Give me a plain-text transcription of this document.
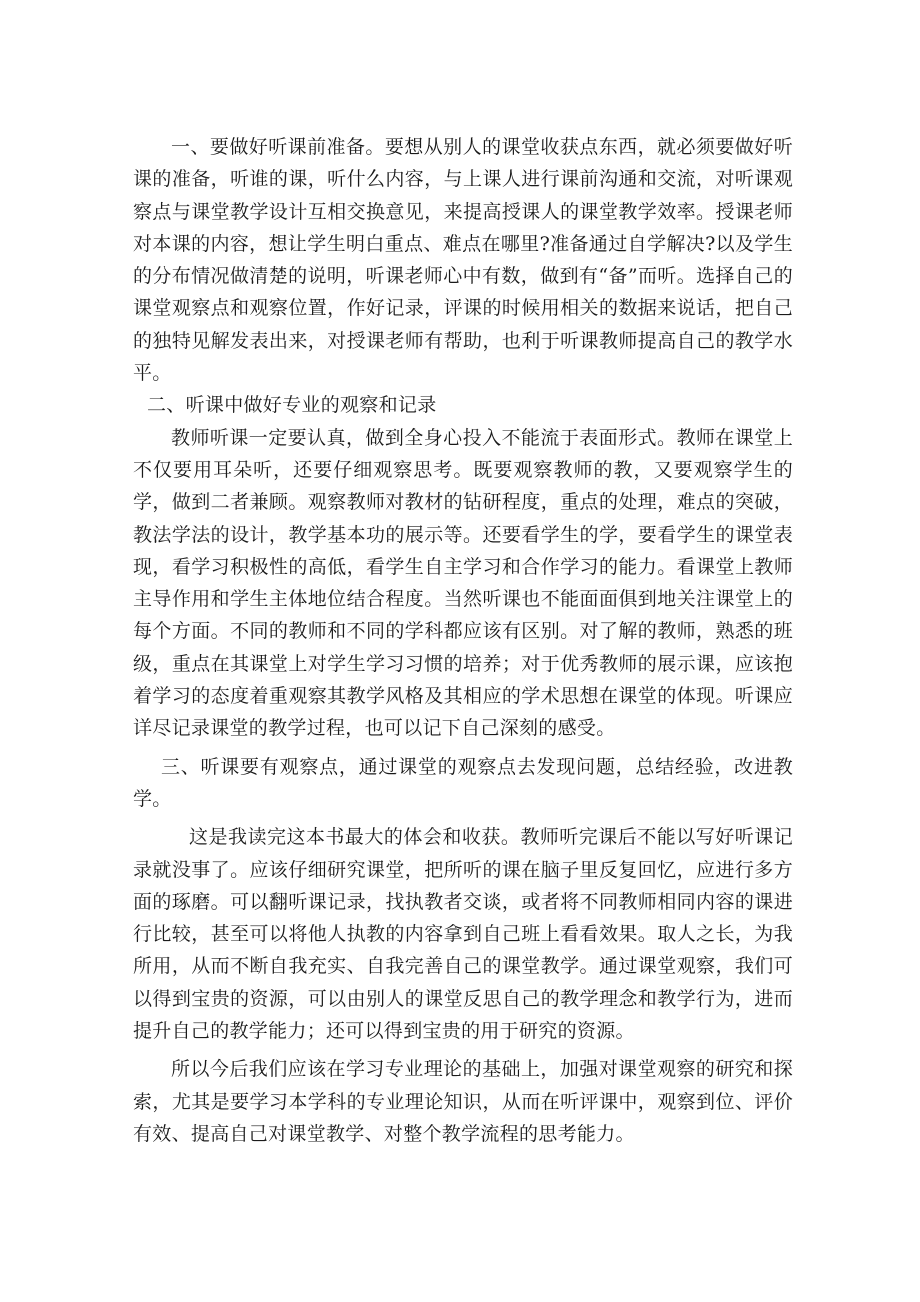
一、要做好听课前准备。要想从别人的课堂收获点东西，就必须要做好听课的准备，听谁的课，听什么内容，与上课人进行课前沟通和交流，对听课观察点与课堂教学设计互相交换意见，来提高授课人的课堂教学效率。授课老师对本课的内容，想让学生明白重点、难点在哪里?准备通过自学解决?以及学生的分布情况做清楚的说明，听课老师心中有数，做到有“备”而听。选择自己的课堂观察点和观察位置，作好记录，评课的时候用相关的数据来说话，把自己的独特见解发表出来，对授课老师有帮助，也利于听课教师提高自己的教学水平。

二、听课中做好专业的观察和记录

教师听课一定要认真，做到全身心投入不能流于表面形式。教师在课堂上不仅要用耳朵听，还要仔细观察思考。既要观察教师的教，又要观察学生的学，做到二者兼顾。观察教师对教材的钻研程度，重点的处理，难点的突破，教法学法的设计，教学基本功的展示等。还要看学生的学，要看学生的课堂表现，看学习积极性的高低，看学生自主学习和合作学习的能力。看课堂上教师主导作用和学生主体地位结合程度。当然听课也不能面面俱到地关注课堂上的每个方面。不同的教师和不同的学科都应该有区别。对了解的教师，熟悉的班级，重点在其课堂上对学生学习习惯的培养；对于优秀教师的展示课，应该抱着学习的态度着重观察其教学风格及其相应的学术思想在课堂的体现。听课应详尽记录课堂的教学过程，也可以记下自己深刻的感受。

三、听课要有观察点，通过课堂的观察点去发现问题，总结经验，改进教学。

这是我读完这本书最大的体会和收获。教师听完课后不能以写好听课记录就没事了。应该仔细研究课堂，把所听的课在脑子里反复回忆，应进行多方面的琢磨。可以翻听课记录，找执教者交谈，或者将不同教师相同内容的课进行比较，甚至可以将他人执教的内容拿到自己班上看看效果。取人之长，为我所用，从而不断自我充实、自我完善自己的课堂教学。通过课堂观察，我们可以得到宝贵的资源，可以由别人的课堂反思自己的教学理念和教学行为，进而提升自己的教学能力；还可以得到宝贵的用于研究的资源。

所以今后我们应该在学习专业理论的基础上，加强对课堂观察的研究和探索，尤其是要学习本学科的专业理论知识，从而在听评课中，观察到位、评价有效、提高自己对课堂教学、对整个教学流程的思考能力。
